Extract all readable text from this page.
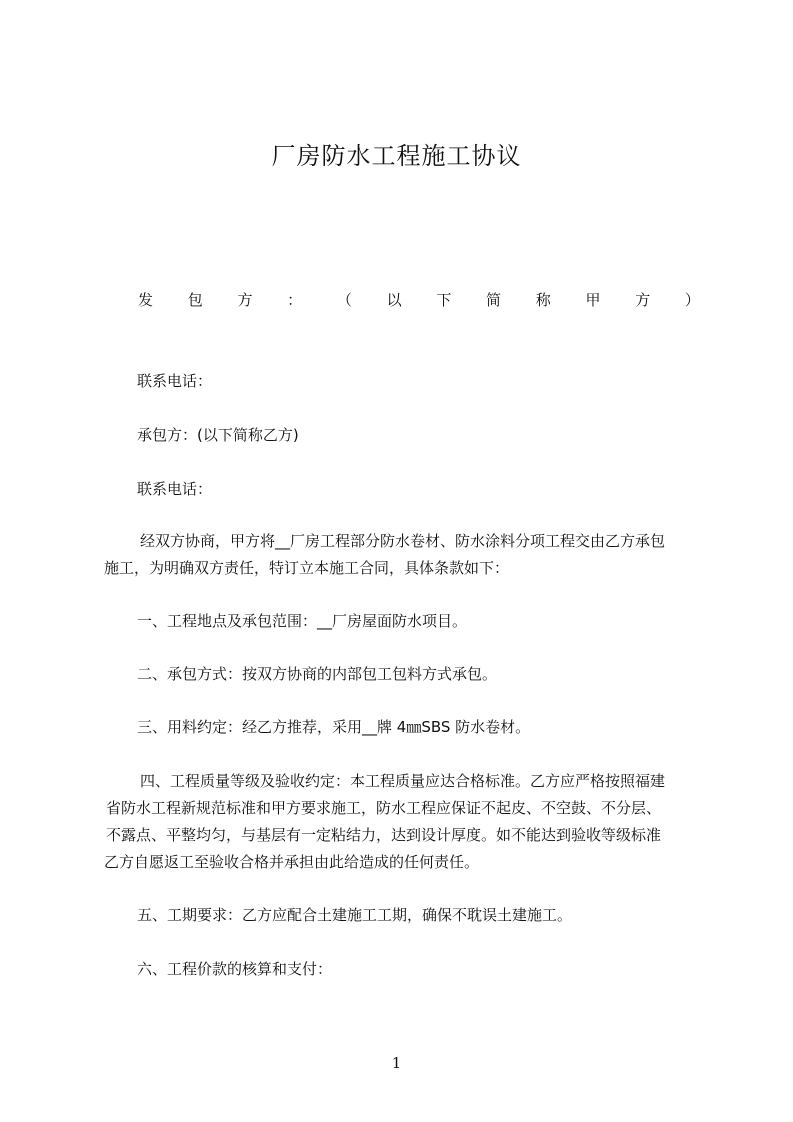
厂房防水工程施工协议
发 包 方 ： （ 以 下 简 称 甲 方 ）
联系电话：
承包方：(以下简称乙方)
联系电话：
经双方协商，甲方将__厂房工程部分防水卷材、防水涂料分项工程交由乙方承包
施工，为明确双方责任，特订立本施工合同，具体条款如下：
一、工程地点及承包范围：__厂房屋面防水项目。
二、承包方式：按双方协商的内部包工包料方式承包。
三、用料约定：经乙方推荐，采用__牌 4㎜SBS 防水卷材。
四、工程质量等级及验收约定：本工程质量应达合格标准。乙方应严格按照福建
省防水工程新规范标准和甲方要求施工，防水工程应保证不起皮、不空鼓、不分层、
不露点、平整均匀，与基层有一定粘结力，达到设计厚度。如不能达到验收等级标准
乙方自愿返工至验收合格并承担由此给造成的任何责任。
五、工期要求：乙方应配合土建施工工期，确保不耽误土建施工。
六、工程价款的核算和支付：
1
